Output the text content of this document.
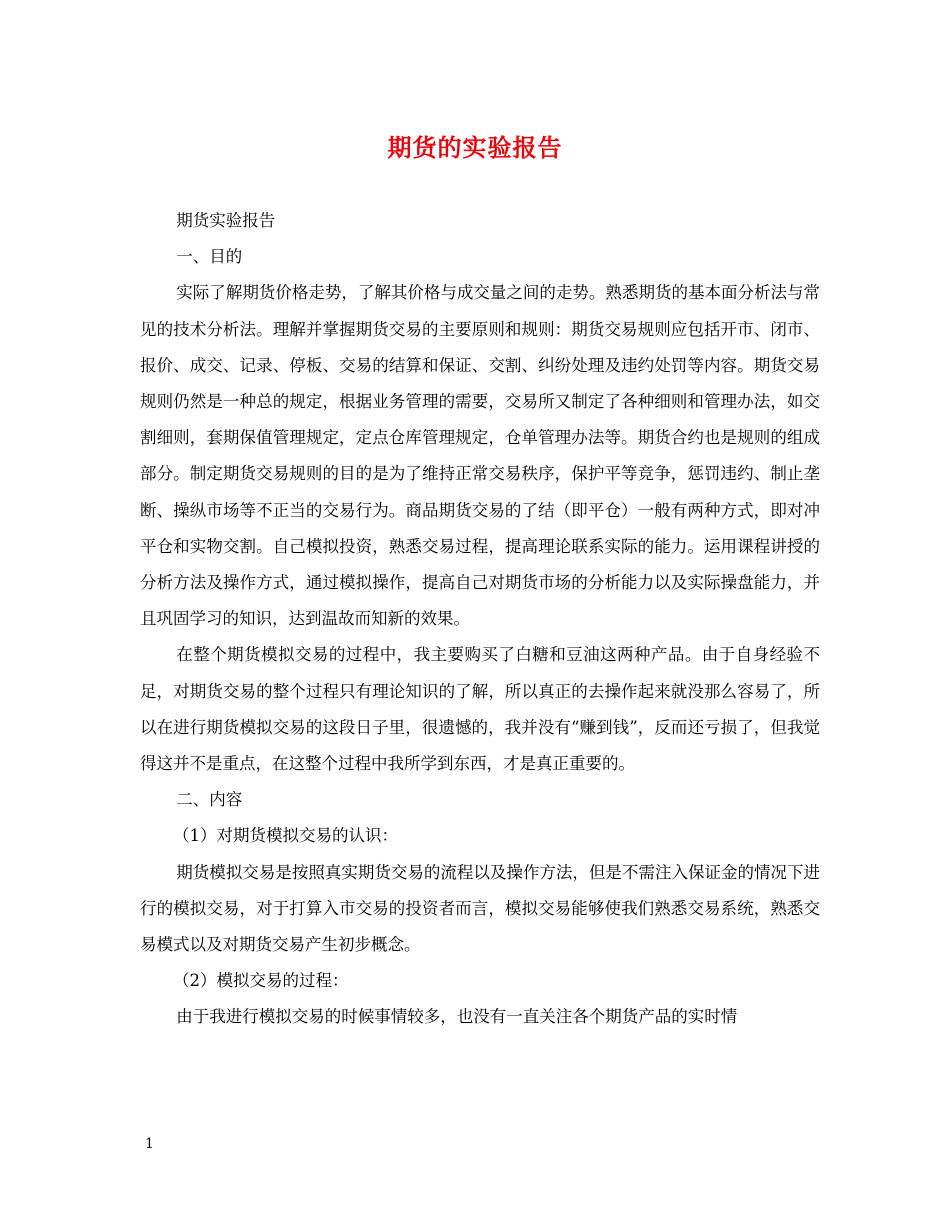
期货的实验报告

期货实验报告

一、目的

实际了解期货价格走势，了解其价格与成交量之间的走势。熟悉期货的基本面分析法与常见的技术分析法。理解并掌握期货交易的主要原则和规则：期货交易规则应包括开市、闭市、报价、成交、记录、停板、交易的结算和保证、交割、纠纷处理及违约处罚等内容。期货交易规则仍然是一种总的规定，根据业务管理的需要，交易所又制定了各种细则和管理办法，如交割细则，套期保值管理规定，定点仓库管理规定，仓单管理办法等。期货合约也是规则的组成部分。制定期货交易规则的目的是为了维持正常交易秩序，保护平等竞争，惩罚违约、制止垄断、操纵市场等不正当的交易行为。商品期货交易的了结（即平仓）一般有两种方式，即对冲平仓和实物交割。自己模拟投资，熟悉交易过程，提高理论联系实际的能力。运用课程讲授的分析方法及操作方式，通过模拟操作，提高自己对期货市场的分析能力以及实际操盘能力，并且巩固学习的知识，达到温故而知新的效果。

在整个期货模拟交易的过程中，我主要购买了白糖和豆油这两种产品。由于自身经验不足，对期货交易的整个过程只有理论知识的了解，所以真正的去操作起来就没那么容易了，所以在进行期货模拟交易的这段日子里，很遗憾的，我并没有“赚到钱”，反而还亏损了，但我觉得这并不是重点，在这整个过程中我所学到东西，才是真正重要的。

二、内容

（1）对期货模拟交易的认识：

期货模拟交易是按照真实期货交易的流程以及操作方法，但是不需注入保证金的情况下进行的模拟交易，对于打算入市交易的投资者而言，模拟交易能够使我们熟悉交易系统，熟悉交易模式以及对期货交易产生初步概念。

（2）模拟交易的过程：

由于我进行模拟交易的时候事情较多，也没有一直关注各个期货产品的实时情

1
